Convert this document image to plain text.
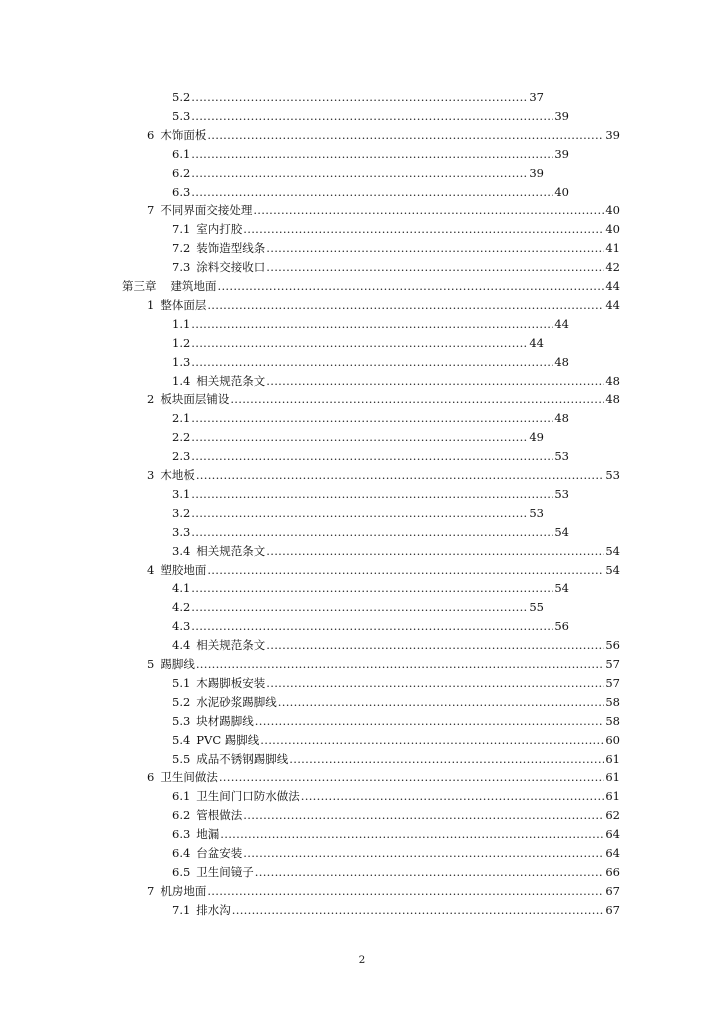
5.2 .....	37
5.3 .....	39
6 木饰面板 .....	39
6.1 .....	39
6.2 .....	39
6.3 .....	40
7 不同界面交接处理 .....	40
7.1 室内打胶 .....	40
7.2 装饰造型线条 .....	41
7.3 涂料交接收口 .....	42
第三章 建筑地面 .....	44
1 整体面层 .....	44
1.1 .....	44
1.2 .....	44
1.3 .....	48
1.4 相关规范条文 .....	48
2 板块面层铺设 .....	48
2.1 .....	48
2.2 .....	49
2.3 .....	53
3 木地板 .....	53
3.1 .....	53
3.2 .....	53
3.3 .....	54
3.4 相关规范条文 .....	54
4 塑胶地面 .....	54
4.1 .....	54
4.2 .....	55
4.3 .....	56
4.4 相关规范条文 .....	56
5 踢脚线 .....	57
5.1 木踢脚板安装 .....	57
5.2 水泥砂浆踢脚线 .....	58
5.3 块材踢脚线 .....	58
5.4 PVC 踢脚线 .....	60
5.5 成品不锈钢踢脚线 .....	61
6 卫生间做法 .....	61
6.1 卫生间门口防水做法 .....	61
6.2 管根做法 .....	62
6.3 地漏 .....	64
6.4 台盆安装 .....	64
6.5 卫生间镜子 .....	66
7 机房地面 .....	67
7.1 排水沟 .....	67
2
